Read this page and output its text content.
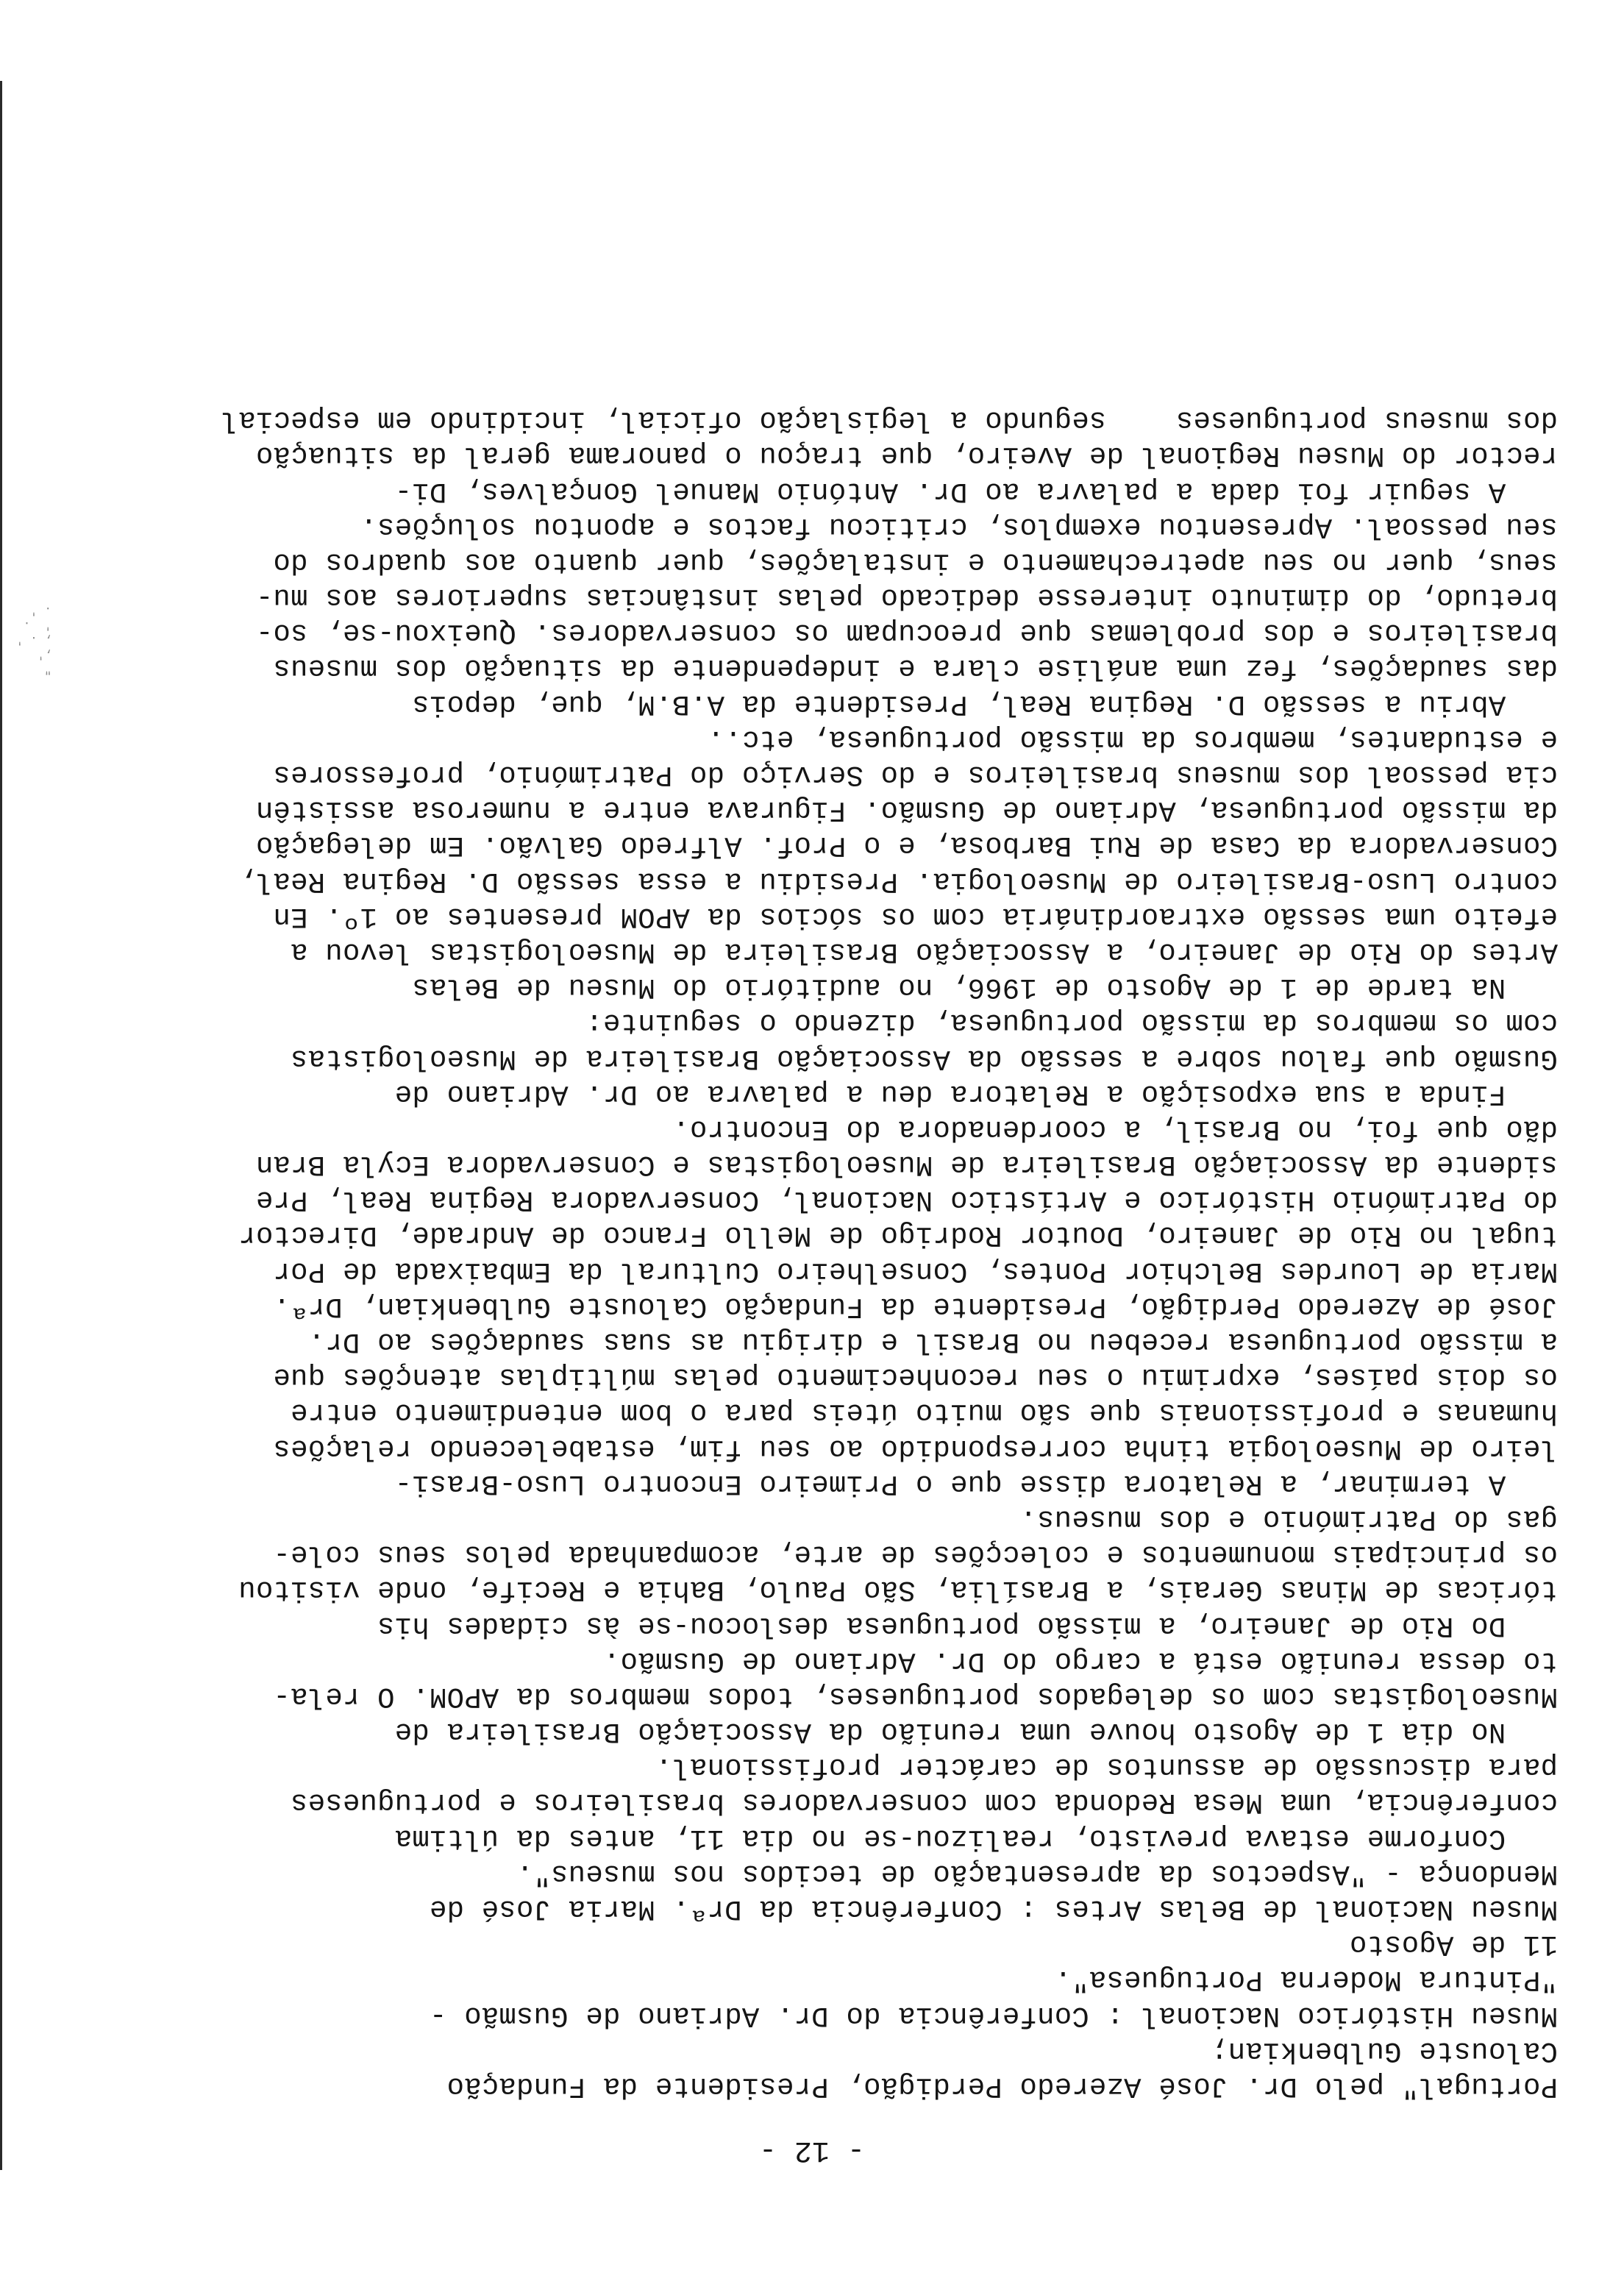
- 12 -
Portugal" pelo Dr. José Azeredo Perdigão, Presidente da Fundação
Calouste Gulbenkian;
Museu Histórico Nacional : Conferência do Dr. Adriano de Gusmão -
"Pintura Moderna Portuguesa".
11 de Agosto
Museu Nacional de Belas Artes : Conferência da Drª. Maria José de
Mendonça - "Aspectos da apresentação de tecidos nos museus".
Conforme estava previsto, realizou-se no dia 11, antes da última
conferência, uma Mesa Redonda com conservadores brasileiros e portugueses
para discussão de assuntos de carácter profissional.
No dia 1 de Agosto houve uma reunião da Associação Brasileira de
Museologistas com os delegados portugueses, todos membros da APOM. O rela-
to dessa reunião está a cargo do Dr. Adriano de Gusmão.
Do Rio de Janeiro, a missão portuguesa deslocou-se às cidades his
tóricas de Minas Gerais, a Brasília, São Paulo, Bahia e Recife, onde visitou
os principais monumentos e colecções de arte, acompanhada pelos seus cole-
gas do Património e dos museus.
A terminar, a Relatora disse que o Primeiro Encontro Luso-Brasi-
leiro de Museologia tinha correspondido ao seu fim, estabelecendo relações
humanas e profissionais que são muito úteis para o bom entendimento entre
os dois países, exprimiu o seu reconhecimento pelas múltiplas atenções que
a missão portuguesa recebeu no Brasil e dirigiu as suas saudações ao Dr.
José de Azeredo Perdigão, Presidente da Fundação Calouste Gulbenkian, Drª.
Maria de Lourdes Belchior Pontes, Conselheiro Cultural da Embaixada de Por
tugal no Rio de Janeiro, Doutor Rodrigo de Mello Franco de Andrade, Director
do Património Histórico e Artístico Nacional, Conservadora Regina Real, Pre
sidente da Associação Brasileira de Museologistas e Conservadora Ecyla Bran
dão que foi, no Brasil, a coordenadora do Encontro.
Finda a sua exposição a Relatora deu a palavra ao Dr. Adriano de
Gusmão que falou sobre a sessão da Associação Brasileira de Museologistas
com os membros da missão portuguesa, dizendo o seguinte:
Na tarde de 1 de Agosto de 1966, no auditório do Museu de Belas
Artes do Rio de Janeiro, a Associação Brasileira de Museologistas levou a
efeito uma sessão extraordinária com os sócios da APOM presentes ao 1º. En
contro Luso-Brasileiro de Museologia. Presidiu a essa sessão D. Regina Real,
Conservadora da Casa de Rui Barbosa, e o Prof. Alfredo Galvão. Em delegação
da missão portuguesa, Adriano de Gusmão. Figurava entre a numerosa assistên
cia pessoal dos museus brasileiros e do Serviço do Património, professores
e estudantes, membros da missão portuguesa, etc..
Abriu a sessão D. Regina Real, Presidente da A.B.M, que, depois
das saudações, fez uma análise clara e independente da situação dos museus
brasileiros e dos problemas que preocupam os conservadores. Queixou-se, so-
bretudo, do diminuto interesse dedicado pelas instâncias superiores aos mu-
seus, quer no seu apetrechamento e instalações, quer quanto aos quadros do
seu pessoal. Apresentou exemplos, criticou factos e apontou soluções.
A seguir foi dada a palavra ao Dr. António Manuel Gonçalves, Di-
rector do Museu Regional de Aveiro, que traçou o panorama geral da situação
dos museus portugueses    segundo a legislação oficial, incidindo em especial
"
,'
, . '
'  .
. '
